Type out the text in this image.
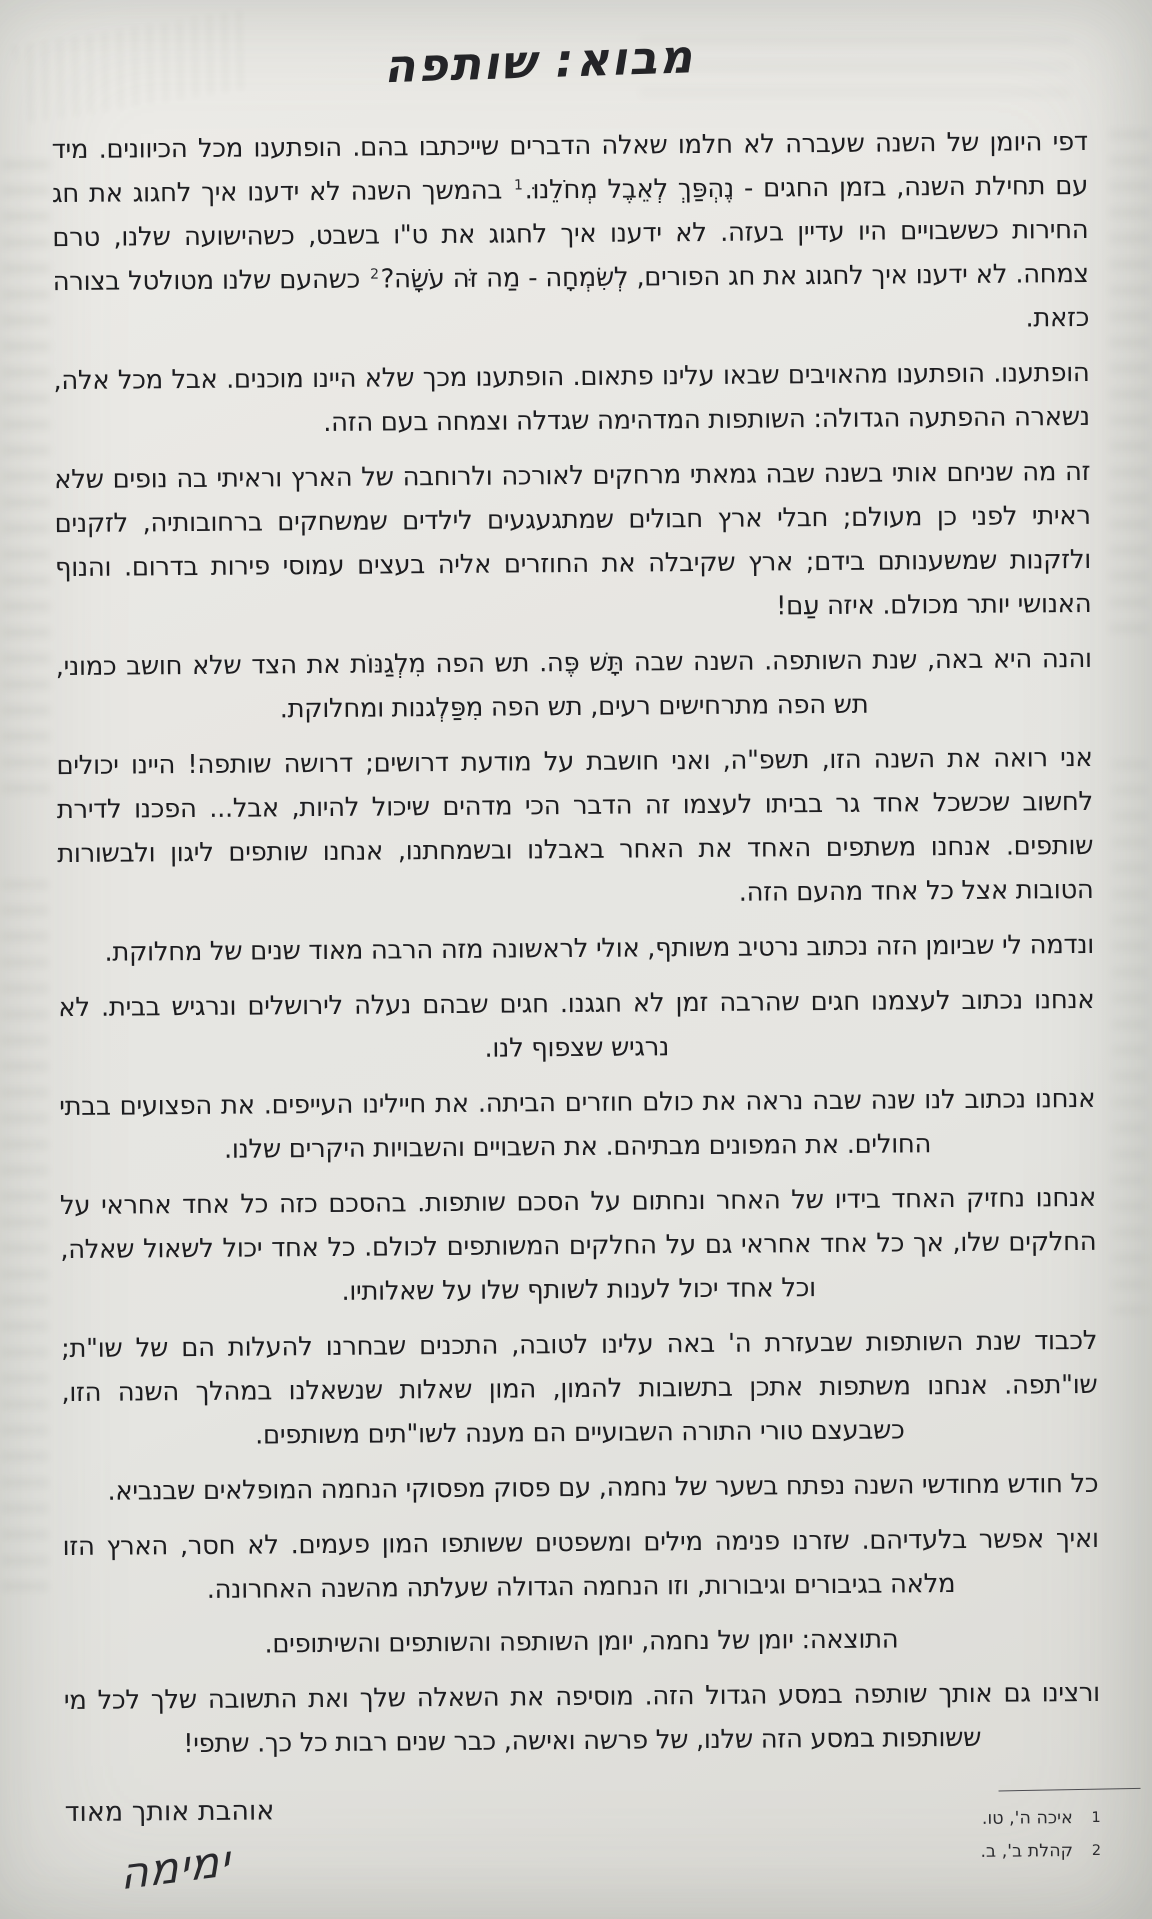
מבוא: שותפה

דפי היומן של השנה שעברה לא חלמו שאלה הדברים שייכתבו בהם. הופתענו מכל הכיוונים. מיד עם תחילת השנה, בזמן החגים - נֶהְפַּךְ לְאֵבֶל מְחֹלֵנוּ.$^1$ בהמשך השנה לא ידענו איך לחגוג את חג החירות כששבויים היו עדיין בעזה. לא ידענו איך לחגוג את ט"ו בשבט, כשהישועה שלנו, טרם צמחה. לא ידענו איך לחגוג את חג הפורים, לְשִׂמְחָה - מַה זֹּה עֹשָׂה?$^2$ כשהעם שלנו מטולטל בצורה כזאת.

הופתענו. הופתענו מהאויבים שבאו עלינו פתאום. הופתענו מכך שלא היינו מוכנים. אבל מכל אלה, נשארה ההפתעה הגדולה: השותפות המדהימה שגדלה וצמחה בעם הזה.

זה מה שניחם אותי בשנה שבה גמאתי מרחקים לאורכה ולרוחבה של הארץ וראיתי בה נופים שלא ראיתי לפני כן מעולם; חבלי ארץ חבולים שמתגעגעים לילדים שמשחקים ברחובותיה, לזקנים ולזקנות שמשענותם בידם; ארץ שקיבלה את החוזרים אליה בעצים עמוסי פירות בדרום. והנוף האנושי יותר מכולם. איזה עַם!

והנה היא באה, שנת השותפה. השנה שבה תָּשׁ פֶּה. תש הפה מִלְגַנּוֹת את הצד שלא חושב כמוני, תש הפה מתרחישים רעים, תש הפה מִפַּלְגנות ומחלוקת.

אני רואה את השנה הזו, תשפ"ה, ואני חושבת על מודעת דרושים; דרושה שותפה! היינו יכולים לחשוב שכשכל אחד גר בביתו לעצמו זה הדבר הכי מדהים שיכול להיות, אבל... הפכנו לדירת שותפים. אנחנו משתפים האחד את האחר באבלנו ובשמחתנו, אנחנו שותפים ליגון ולבשורות הטובות אצל כל אחד מהעם הזה.

ונדמה לי שביומן הזה נכתוב נרטיב משותף, אולי לראשונה מזה הרבה מאוד שנים של מחלוקת.

אנחנו נכתוב לעצמנו חגים שהרבה זמן לא חגגנו. חגים שבהם נעלה לירושלים ונרגיש בבית. לא נרגיש שצפוף לנו.

אנחנו נכתוב לנו שנה שבה נראה את כולם חוזרים הביתה. את חיילינו העייפים. את הפצועים בבתי החולים. את המפונים מבתיהם. את השבויים והשבויות היקרים שלנו.

אנחנו נחזיק האחד בידיו של האחר ונחתום על הסכם שותפות. בהסכם כזה כל אחד אחראי על החלקים שלו, אך כל אחד אחראי גם על החלקים המשותפים לכולם. כל אחד יכול לשאול שאלה, וכל אחד יכול לענות לשותף שלו על שאלותיו.

לכבוד שנת השותפות שבעזרת ה' באה עלינו לטובה, התכנים שבחרנו להעלות הם של שו"ת; שו"תפה. אנחנו משתפות אתכן בתשובות להמון, המון שאלות שנשאלנו במהלך השנה הזו, כשבעצם טורי התורה השבועיים הם מענה לשו"תים משותפים.

כל חודש מחודשי השנה נפתח בשער של נחמה, עם פסוק מפסוקי הנחמה המופלאים שבנביא.

ואיך אפשר בלעדיהם. שזרנו פנימה מילים ומשפטים ששותפו המון פעמים. לא חסר, הארץ הזו מלאה בגיבורים וגיבורות, וזו הנחמה הגדולה שעלתה מהשנה האחרונה.

התוצאה: יומן של נחמה, יומן השותפה והשותפים והשיתופים.

ורצינו גם אותך שותפה במסע הגדול הזה. מוסיפה את השאלה שלך ואת התשובה שלך לכל מי ששותפות במסע הזה שלנו, של פרשה ואישה, כבר שנים רבות כל כך. שתפי!

1
איכה ה', טו.
2
קהלת ב', ב.
אוהבת אותך מאוד
ימימה
